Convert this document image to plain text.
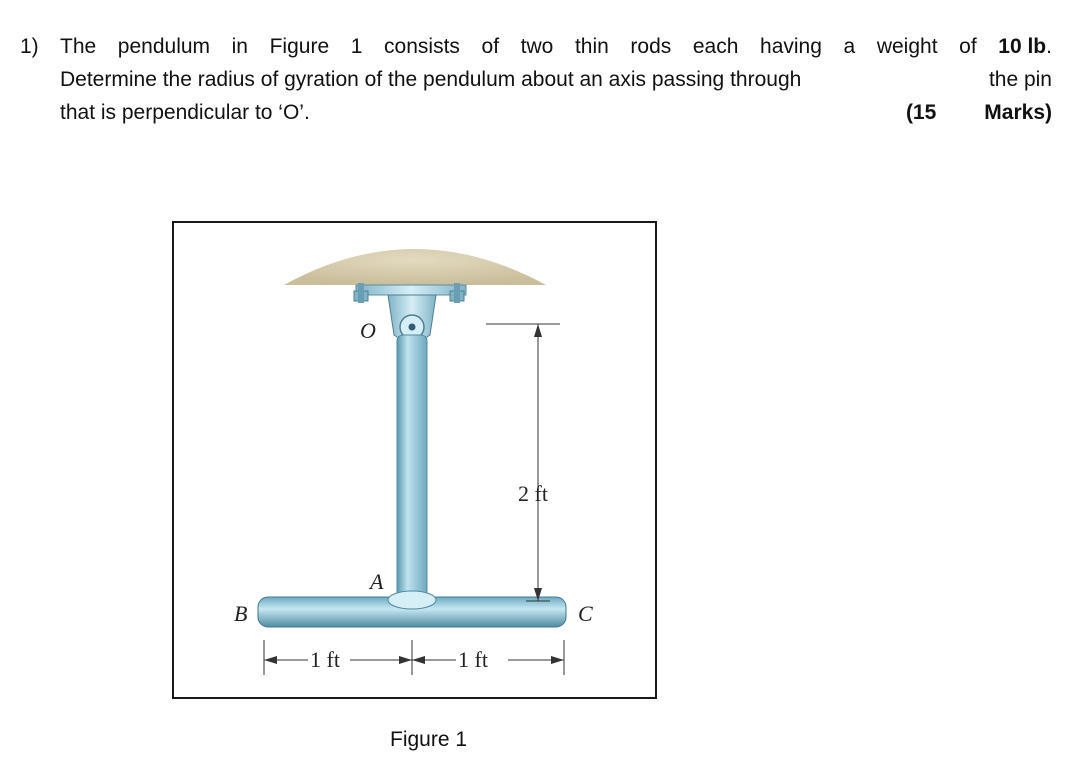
1)	The pendulum in Figure 1 consists of two thin rods each having a weight of 10 lb.
Determine the radius of gyration of the pendulum about an axis passing through	the pin
that is perpendicular to ‘O’.	(15 Marks)
O
A
B	C
2 ft
1 ft	1 ft
Figure 1
